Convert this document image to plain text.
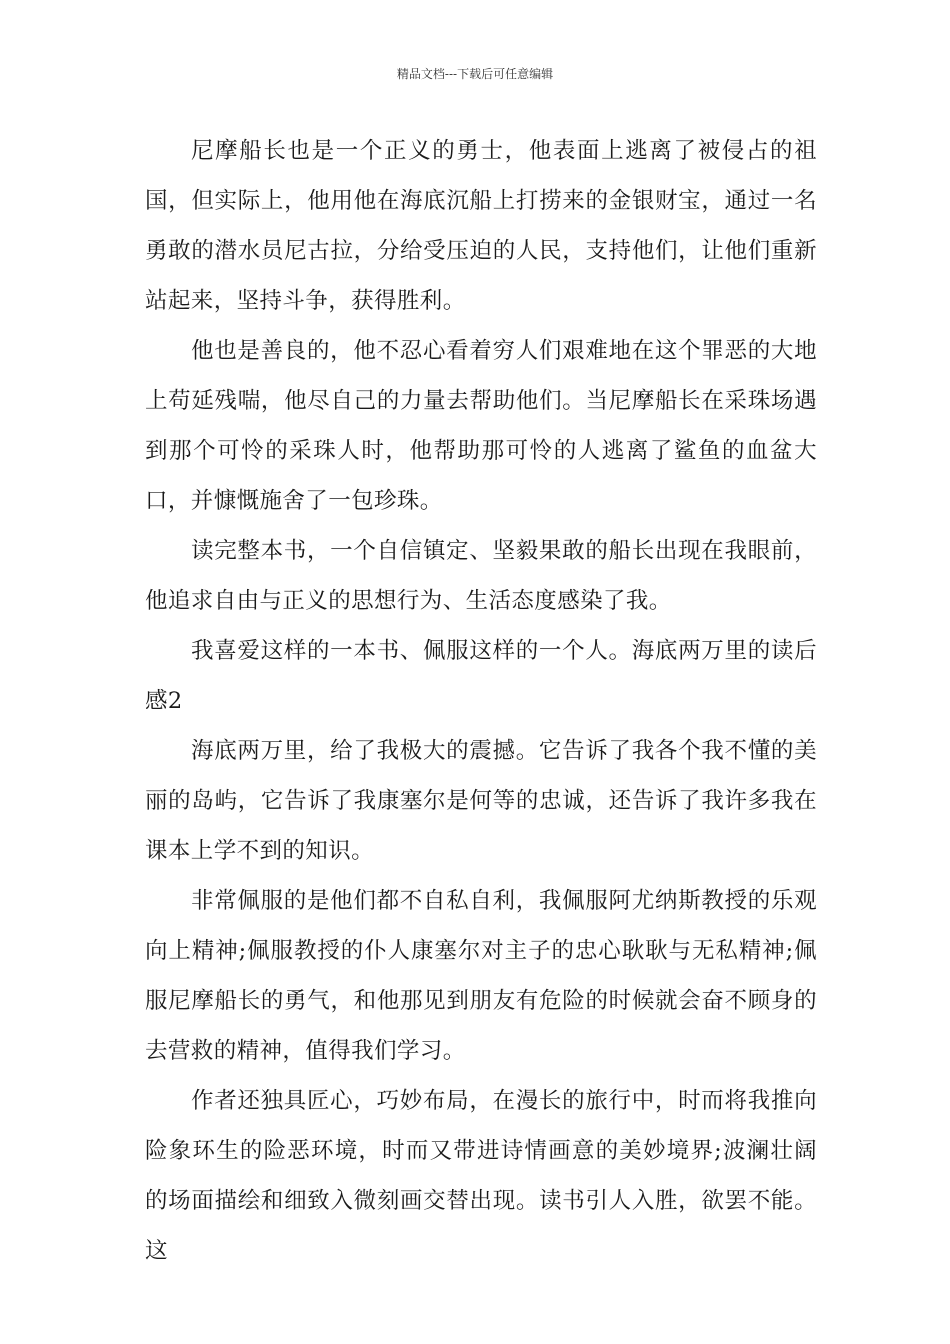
精品文档---下载后可任意编辑

尼摩船长也是一个正义的勇士，他表面上逃离了被侵占的祖国，但实际上，他用他在海底沉船上打捞来的金银财宝，通过一名勇敢的潜水员尼古拉，分给受压迫的人民，支持他们，让他们重新站起来，坚持斗争，获得胜利。

他也是善良的，他不忍心看着穷人们艰难地在这个罪恶的大地上苟延残喘，他尽自己的力量去帮助他们。当尼摩船长在采珠场遇到那个可怜的采珠人时，他帮助那可怜的人逃离了鲨鱼的血盆大口，并慷慨施舍了一包珍珠。

读完整本书，一个自信镇定、坚毅果敢的船长出现在我眼前，他追求自由与正义的思想行为、生活态度感染了我。

我喜爱这样的一本书、佩服这样的一个人。海底两万里的读后感2

海底两万里，给了我极大的震撼。它告诉了我各个我不懂的美丽的岛屿，它告诉了我康塞尔是何等的忠诚，还告诉了我许多我在课本上学不到的知识。

非常佩服的是他们都不自私自利，我佩服阿尤纳斯教授的乐观向上精神;佩服教授的仆人康塞尔对主子的忠心耿耿与无私精神;佩服尼摩船长的勇气，和他那见到朋友有危险的时候就会奋不顾身的去营救的精神，值得我们学习。

作者还独具匠心，巧妙布局，在漫长的旅行中，时而将我推向险象环生的险恶环境，时而又带进诗情画意的美妙境界;波澜壮阔的场面描绘和细致入微刻画交替出现。读书引人入胜，欲罢不能。这
